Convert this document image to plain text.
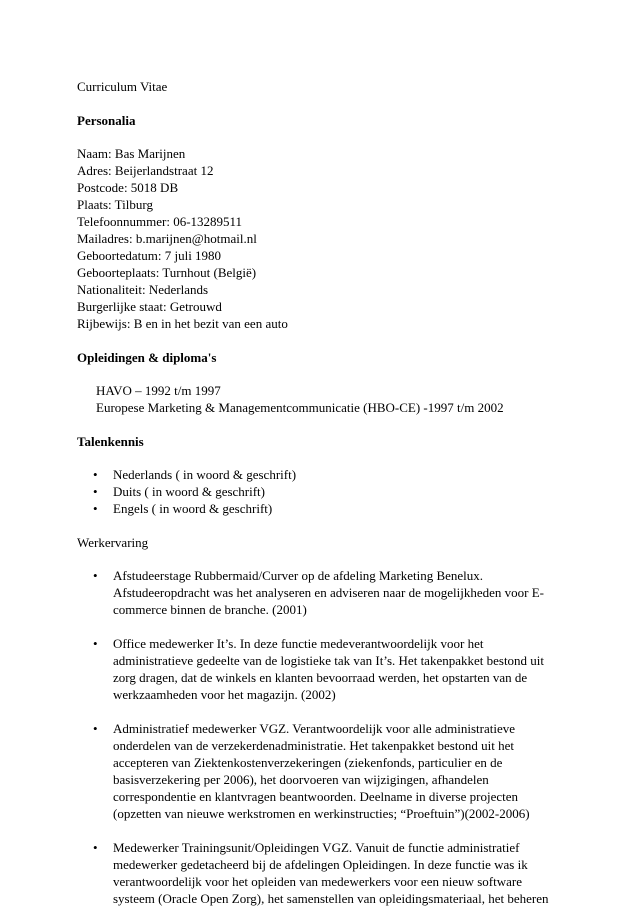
Curriculum Vitae

Personalia

Naam: Bas Marijnen

Adres: Beijerlandstraat 12

Postcode: 5018 DB

Plaats: Tilburg

Telefoonnummer: 06-13289511

Mailadres: b.marijnen@hotmail.nl

Geboortedatum: 7 juli 1980

Geboorteplaats: Turnhout (België)

Nationaliteit: Nederlands

Burgerlijke staat: Getrouwd

Rijbewijs: B en in het bezit van een auto

Opleidingen & diploma's

HAVO – 1992 t/m 1997

Europese Marketing & Managementcommunicatie (HBO-CE) -1997 t/m 2002

Talenkennis

• Nederlands ( in woord & geschrift)
• Duits ( in woord & geschrift)
• Engels ( in woord & geschrift)

Werkervaring

• Afstudeerstage Rubbermaid/Curver op de afdeling Marketing Benelux.
Afstudeeropdracht was het analyseren en adviseren naar de mogelijkheden voor E-
commerce binnen de branche. (2001)
• Office medewerker It’s. In deze functie medeverantwoordelijk voor het
administratieve gedeelte van de logistieke tak van It’s. Het takenpakket bestond uit
zorg dragen, dat de winkels en klanten bevoorraad werden, het opstarten van de
werkzaamheden voor het magazijn. (2002)
• Administratief medewerker VGZ. Verantwoordelijk voor alle administratieve
onderdelen van de verzekerdenadministratie. Het takenpakket bestond uit het
accepteren van Ziektenkostenverzekeringen (ziekenfonds, particulier en de
basisverzekering per 2006), het doorvoeren van wijzigingen, afhandelen
correspondentie en klantvragen beantwoorden. Deelname in diverse projecten
(opzetten van nieuwe werkstromen en werkinstructies; “Proeftuin”)(2002-2006)
• Medewerker Trainingsunit/Opleidingen VGZ. Vanuit de functie administratief
medewerker gedetacheerd bij de afdelingen Opleidingen. In deze functie was ik
verantwoordelijk voor het opleiden van medewerkers voor een nieuw software
systeem (Oracle Open Zorg), het samenstellen van opleidingsmateriaal, het beheren
